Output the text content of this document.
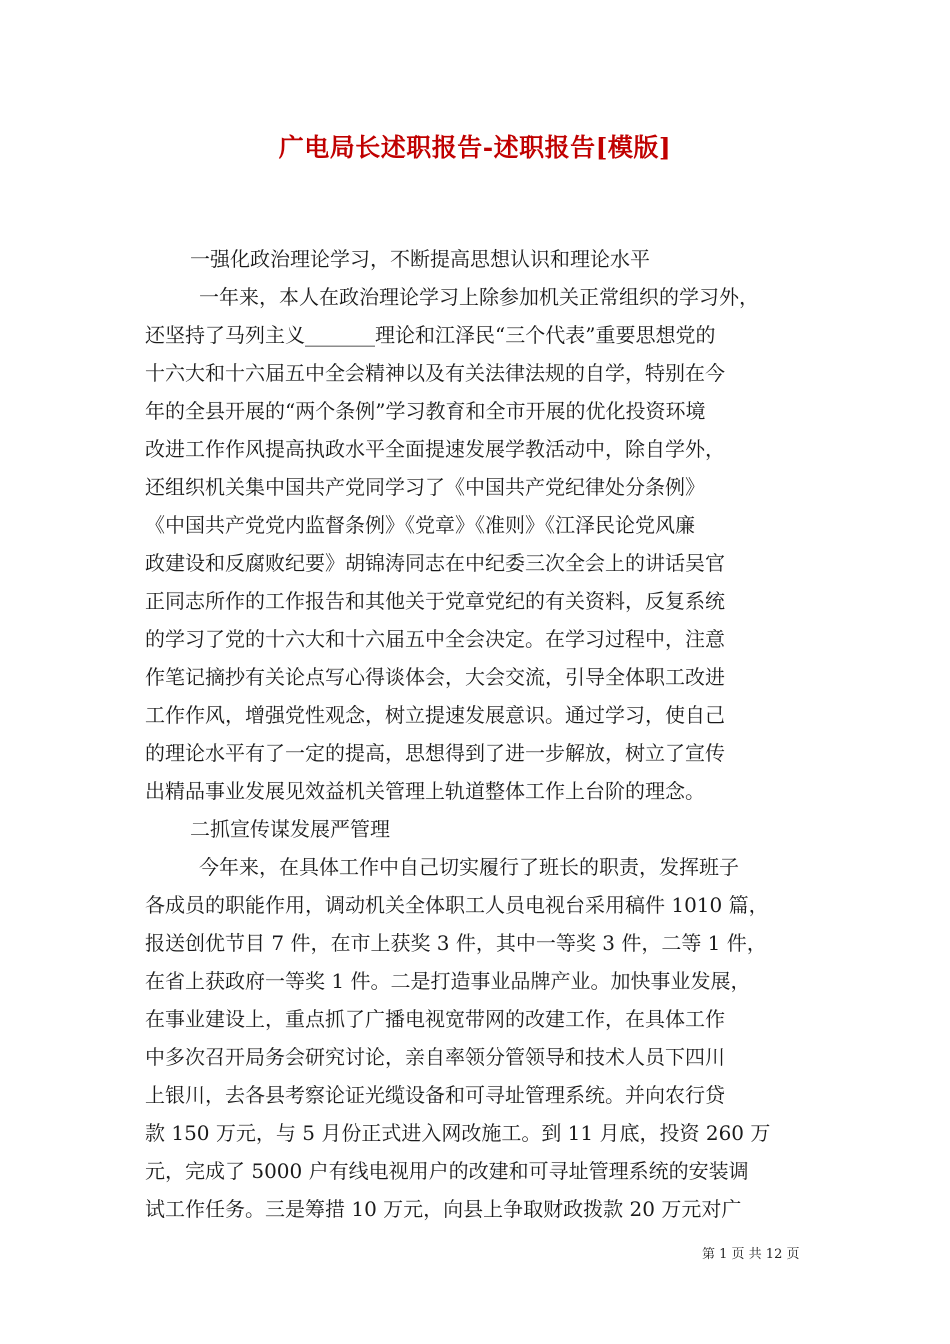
广电局长述职报告-述职报告[模版]
一强化政治理论学习，不断提高思想认识和理论水平
一年来，本人在政治理论学习上除参加机关正常组织的学习外，
还坚持了马列主义_______理论和江泽民“三个代表”重要思想党的
十六大和十六届五中全会精神以及有关法律法规的自学，特别在今
年的全县开展的“两个条例”学习教育和全市开展的优化投资环境
改进工作作风提高执政水平全面提速发展学教活动中，除自学外，
还组织机关集中国共产党同学习了《中国共产党纪律处分条例》
《中国共产党党内监督条例》《党章》《准则》《江泽民论党风廉
政建设和反腐败纪要》胡锦涛同志在中纪委三次全会上的讲话吴官
正同志所作的工作报告和其他关于党章党纪的有关资料，反复系统
的学习了党的十六大和十六届五中全会决定。在学习过程中，注意
作笔记摘抄有关论点写心得谈体会，大会交流，引导全体职工改进
工作作风，增强党性观念，树立提速发展意识。通过学习，使自己
的理论水平有了一定的提高，思想得到了进一步解放，树立了宣传
出精品事业发展见效益机关管理上轨道整体工作上台阶的理念。
二抓宣传谋发展严管理
今年来，在具体工作中自己切实履行了班长的职责，发挥班子
各成员的职能作用，调动机关全体职工人员电视台采用稿件 1010 篇，
报送创优节目 7 件，在市上获奖 3 件，其中一等奖 3 件，二等 1 件，
在省上获政府一等奖 1 件。二是打造事业品牌产业。加快事业发展，
在事业建设上，重点抓了广播电视宽带网的改建工作，在具体工作
中多次召开局务会研究讨论，亲自率领分管领导和技术人员下四川
上银川，去各县考察论证光缆设备和可寻址管理系统。并向农行贷
款 150 万元，与 5 月份正式进入网改施工。到 11 月底，投资 260 万
元，完成了 5000 户有线电视用户的改建和可寻址管理系统的安装调
试工作任务。三是筹措 10 万元，向县上争取财政拨款 20 万元对广
第 1 页 共 12 页
